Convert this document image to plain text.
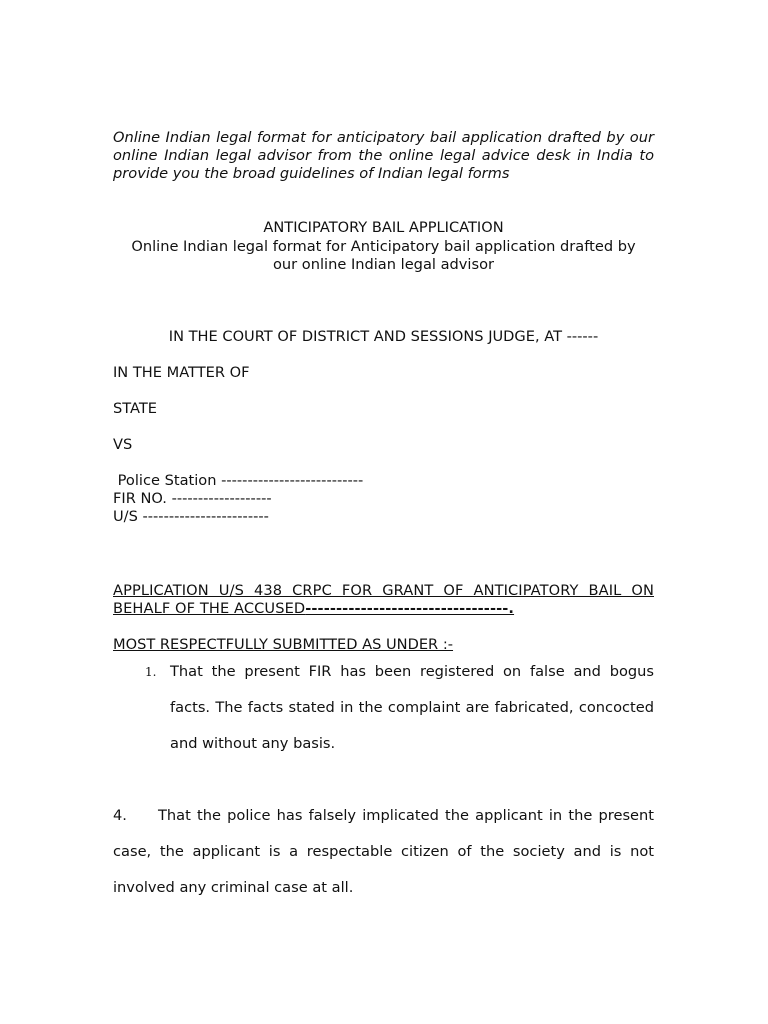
Online Indian legal format for anticipatory bail application drafted by our online Indian legal advisor from the online legal advice desk in India to provide you the broad guidelines of Indian legal forms
ANTICIPATORY BAIL APPLICATION
Online Indian legal format for Anticipatory bail application drafted by
our online Indian legal advisor
IN THE COURT OF DISTRICT AND SESSIONS JUDGE, AT ------
IN THE MATTER OF
STATE
VS
Police Station ---------------------------
FIR NO. -------------------
U/S ------------------------
APPLICATION U/S 438 CRPC FOR GRANT OF ANTICIPATORY BAIL ON BEHALF OF THE ACCUSED---------------------------------.
MOST RESPECTFULLY SUBMITTED AS UNDER :-
1. That the present FIR has been registered on false and bogus facts. The facts stated in the complaint are fabricated, concocted and without any basis.
4. That the police has falsely implicated the applicant in the present case, the applicant is a respectable citizen of the society and is not involved any criminal case at all.
